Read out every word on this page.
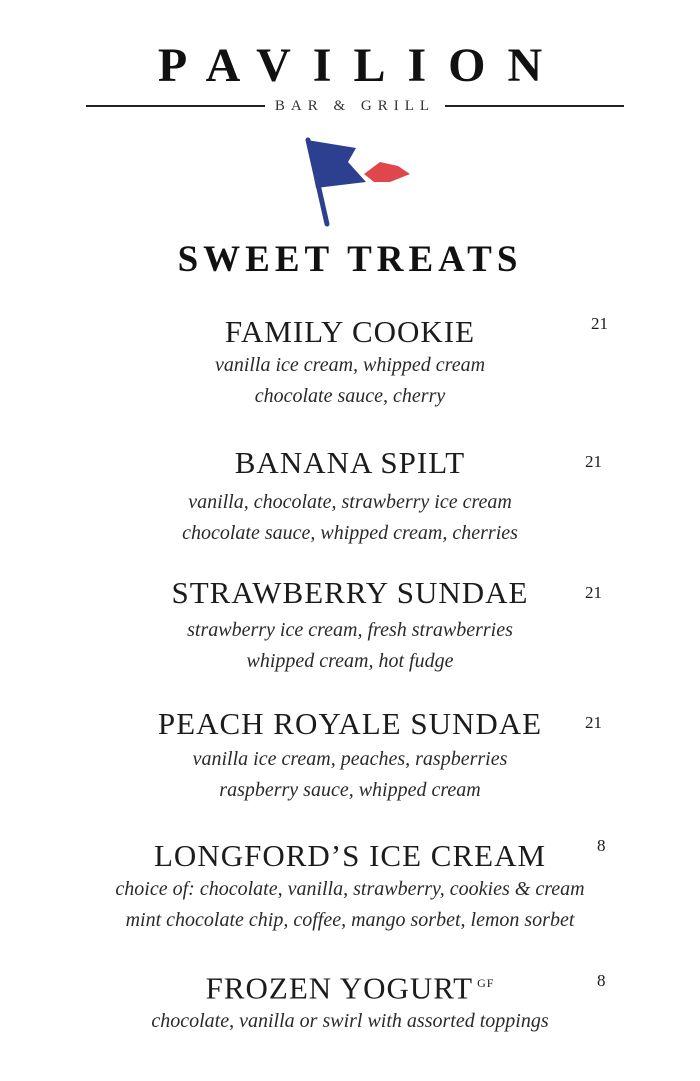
PAVILION
BAR & GRILL
SWEET TREATS
FAMILY COOKIE
vanilla ice cream, whipped cream
chocolate sauce, cherry
21
BANANA SPILT
vanilla, chocolate, strawberry ice cream
chocolate sauce, whipped cream, cherries
21
STRAWBERRY SUNDAE
strawberry ice cream, fresh strawberries
whipped cream, hot fudge
21
PEACH ROYALE SUNDAE
vanilla ice cream, peaches, raspberries
raspberry sauce, whipped cream
21
LONGFORD’S ICE CREAM
choice of: chocolate, vanilla, strawberry, cookies & cream
mint chocolate chip, coffee, mango sorbet, lemon sorbet
8
FROZEN YOGURT $^{GF}$
chocolate, vanilla or swirl with assorted toppings
8
